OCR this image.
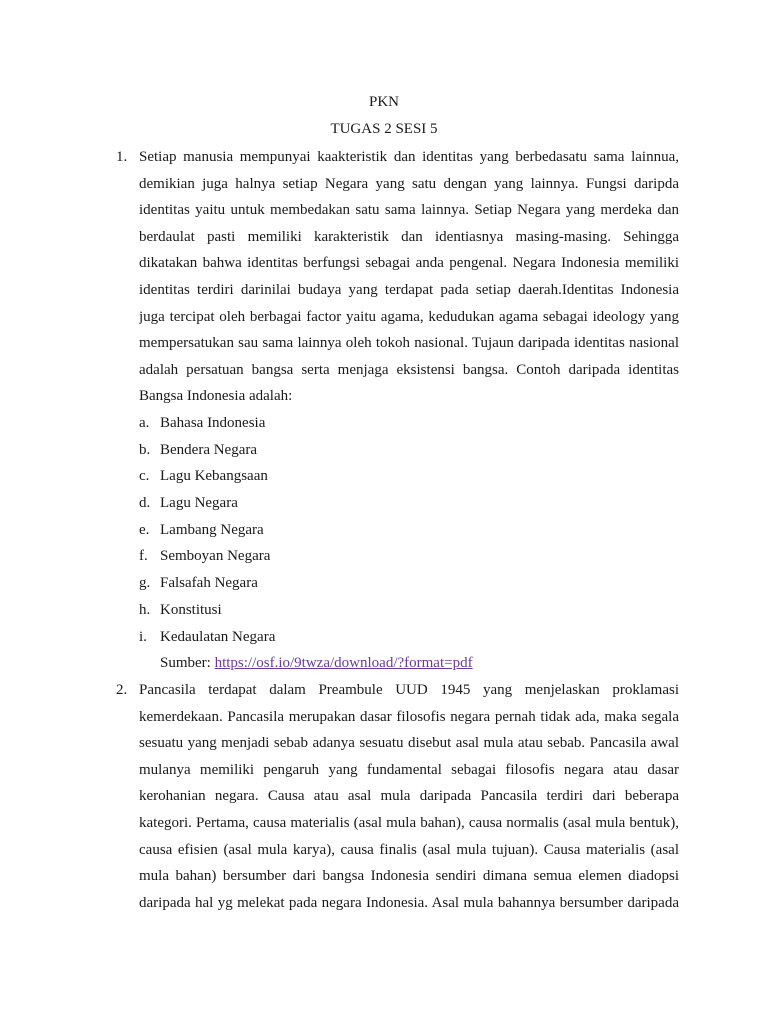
PKN
TUGAS 2 SESI 5
1. Setiap manusia mempunyai kaakteristik dan identitas yang berbedasatu sama lainnua,
demikian juga halnya setiap Negara yang satu dengan yang lainnya. Fungsi daripda
identitas yaitu untuk membedakan satu sama lainnya. Setiap Negara yang merdeka dan
berdaulat pasti memiliki karakteristik dan identiasnya masing-masing. Sehingga
dikatakan bahwa identitas berfungsi sebagai anda pengenal. Negara Indonesia memiliki
identitas terdiri darinilai budaya yang terdapat pada setiap daerah.Identitas Indonesia
juga tercipat oleh berbagai factor yaitu agama, kedudukan agama sebagai ideology yang
mempersatukan sau sama lainnya oleh tokoh nasional. Tujaun daripada identitas nasional
adalah persatuan bangsa serta menjaga eksistensi bangsa. Contoh daripada identitas
Bangsa Indonesia adalah:
a. Bahasa Indonesia
b. Bendera Negara
c. Lagu Kebangsaan
d. Lagu Negara
e. Lambang Negara
f. Semboyan Negara
g. Falsafah Negara
h. Konstitusi
i. Kedaulatan Negara
Sumber: https://osf.io/9twza/download/?format=pdf
2. Pancasila terdapat dalam Preambule UUD 1945 yang menjelaskan proklamasi
kemerdekaan. Pancasila merupakan dasar filosofis negara pernah tidak ada, maka segala
sesuatu yang menjadi sebab adanya sesuatu disebut asal mula atau sebab. Pancasila awal
mulanya memiliki pengaruh yang fundamental sebagai filosofis negara atau dasar
kerohanian negara. Causa atau asal mula daripada Pancasila terdiri dari beberapa
kategori. Pertama, causa materialis (asal mula bahan), causa normalis (asal mula bentuk),
causa efisien (asal mula karya), causa finalis (asal mula tujuan). Causa materialis (asal
mula bahan) bersumber dari bangsa Indonesia sendiri dimana semua elemen diadopsi
daripada hal yg melekat pada negara Indonesia. Asal mula bahannya bersumber daripada
